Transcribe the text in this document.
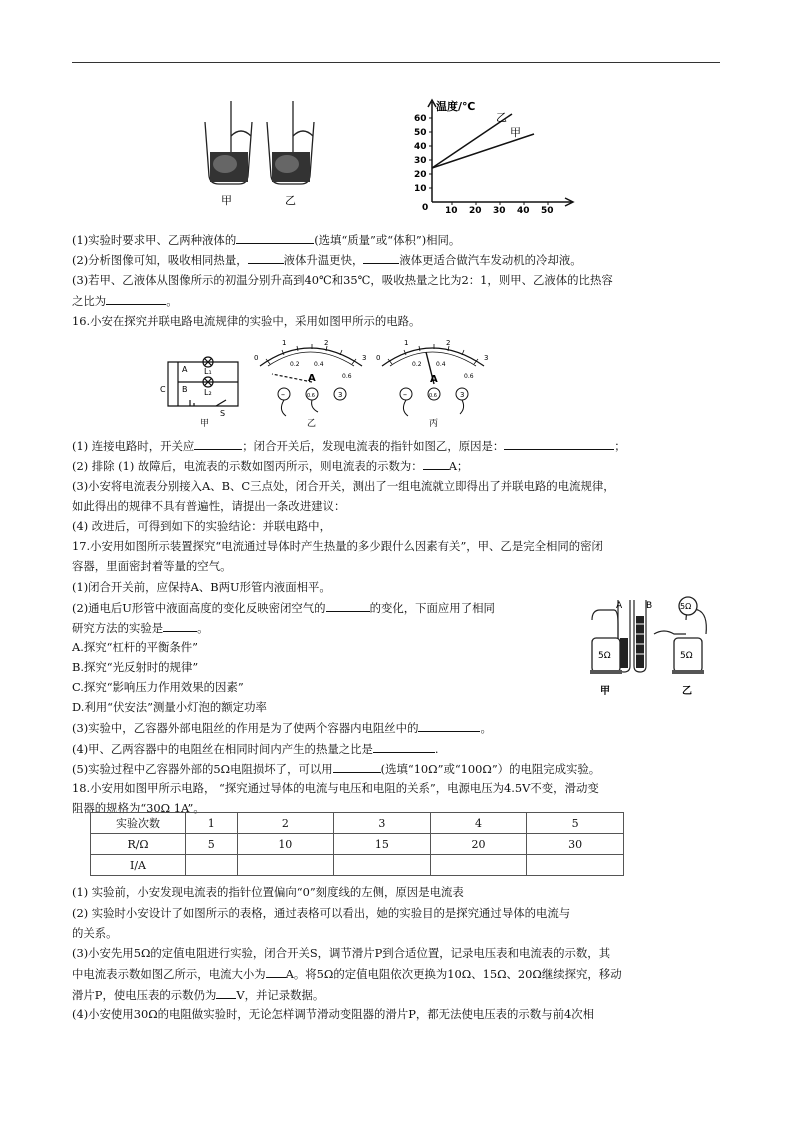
甲	乙
温度/℃
60
50
40
30
20
10
0 10 20 30 40 50
乙
甲
(1)实验时要求甲、乙两种液体的	(选填“质量”或“体积”)相同。
(2)分析图像可知，吸收相同热量，	液体升温更快，	液体更适合做汽车发动机的冷却液。
(3)若甲、乙液体从图像所示的初温分别升高到40℃和35℃，吸收热量之比为2：1，则甲、乙液体的比热容
之比为	。
16.小安在探究并联电路电流规律的实验中，采用如图甲所示的电路。
A L₁
B L₂
C
S
甲
0
1	2
3
0.2 0.4
0.6
A
–	0.6	3
乙
0
1	2
3
0.2 0.4
0.6
A
–	0.6	3
丙
(1) 连接电路时，开关应	；闭合开关后，发现电流表的指针如图乙，原因是：	；
(2) 排除 (1) 故障后，电流表的示数如图丙所示，则电流表的示数为： A；
(3)小安将电流表分别接入A、B、C三点处，闭合开关，测出了一组电流就立即得出了并联电路的电流规律，
如此得出的规律不具有普遍性，请提出一条改进建议：
(4) 改进后，可得到如下的实验结论：并联电路中，
17.小安用如图所示装置探究“电流通过导体时产生热量的多少跟什么因素有关”，甲、乙是完全相同的密闭
容器，里面密封着等量的空气。
(1)闭合开关前，应保持A、B两U形管内液面相平。
(2)通电后U形管中液面高度的变化反映密闭空气的	的变化，下面应用了相同
研究方法的实验是	。
A.探究“杠杆的平衡条件”
B.探究“光反射时的规律”
C.探究“影响压力作用效果的因素”
D.利用“伏安法”测量小灯泡的额定功率
(3)实验中，乙容器外部电阻丝的作用是为了使两个容器内电阻丝中的	。
(4)甲、乙两容器中的电阻丝在相同时间内产生的热量之比是	.
(5)实验过程中乙容器外部的5Ω电阻损坏了，可以用	(选填“10Ω”或“100Ω”）的电阻完成实验。
A	B
5Ω	5Ω
5Ω
甲	乙
18.小安用如图甲所示电路， “探究通过导体的电流与电压和电阻的关系”，电源电压为4.5V不变，滑动变
阻器的规格为“30Ω 1A”。
实验次数	1	2	3	4	5
R/Ω	5	10	15	20	30
I/A					
(1) 实验前，小安发现电流表的指针位置偏向“0”刻度线的左侧，原因是电流表
(2) 实验时小安设计了如图所示的表格，通过表格可以看出，她的实验目的是探究通过导体的电流与
的关系。
(3)小安先用5Ω的定值电阻进行实验，闭合开关S，调节滑片P到合适位置，记录电压表和电流表的示数，其
中电流表示数如图乙所示，电流大小为 A。将5Ω的定值电阻依次更换为10Ω、15Ω、20Ω继续探究，移动
滑片P，使电压表的示数仍为 V，并记录数据。
(4)小安使用30Ω的电阻做实验时，无论怎样调节滑动变阻器的滑片P，都无法使电压表的示数与前4次相
